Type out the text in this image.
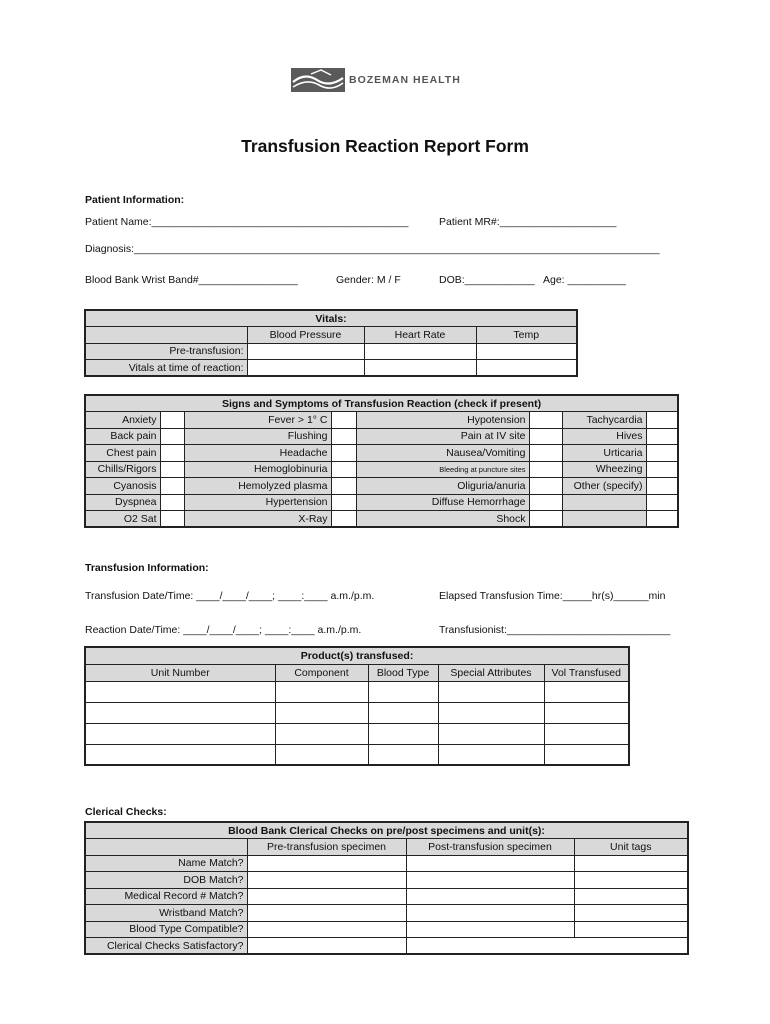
BOZEMAN HEALTH
Transfusion Reaction Report Form
Patient Information:
Patient Name:____________________________________________	Patient MR#:____________________
Diagnosis:__________________________________________________________________________________________
Blood Bank Wrist Band#_________________	Gender: M / F	DOB:____________ Age: __________
Vitals:			
	Blood Pressure	Heart Rate	Temp
Pre-transfusion:			
Vitals at time of reaction:			
Signs and Symptoms of Transfusion Reaction (check if present)							
Anxiety		Fever > 1° C		Hypotension		Tachycardia	
Back pain		Flushing		Pain at IV site		Hives	
Chest pain		Headache		Nausea/Vomiting		Urticaria	
Chills/Rigors		Hemoglobinuria		Bleeding at puncture sites		Wheezing	
Cyanosis		Hemolyzed plasma		Oliguria/anuria		Other (specify)	
Dyspnea		Hypertension		Diffuse Hemorrhage			
O2 Sat		X-Ray		Shock			
Transfusion Information:
Transfusion Date/Time: ____/____/____; ____:____ a.m./p.m.	Elapsed Transfusion Time:_____hr(s)______min
Reaction Date/Time: ____/____/____; ____:____ a.m./p.m.	Transfusionist:____________________________
Product(s) transfused:				
Unit Number	Component	Blood Type	Special Attributes	Vol Transfused

Clerical Checks:
Blood Bank Clerical Checks on pre/post specimens and unit(s):			
	Pre-transfusion specimen	Post-transfusion specimen	Unit tags
Name Match?			
DOB Match?			
Medical Record # Match?			
Wristband Match?			
Blood Type Compatible?			
Clerical Checks Satisfactory?			
